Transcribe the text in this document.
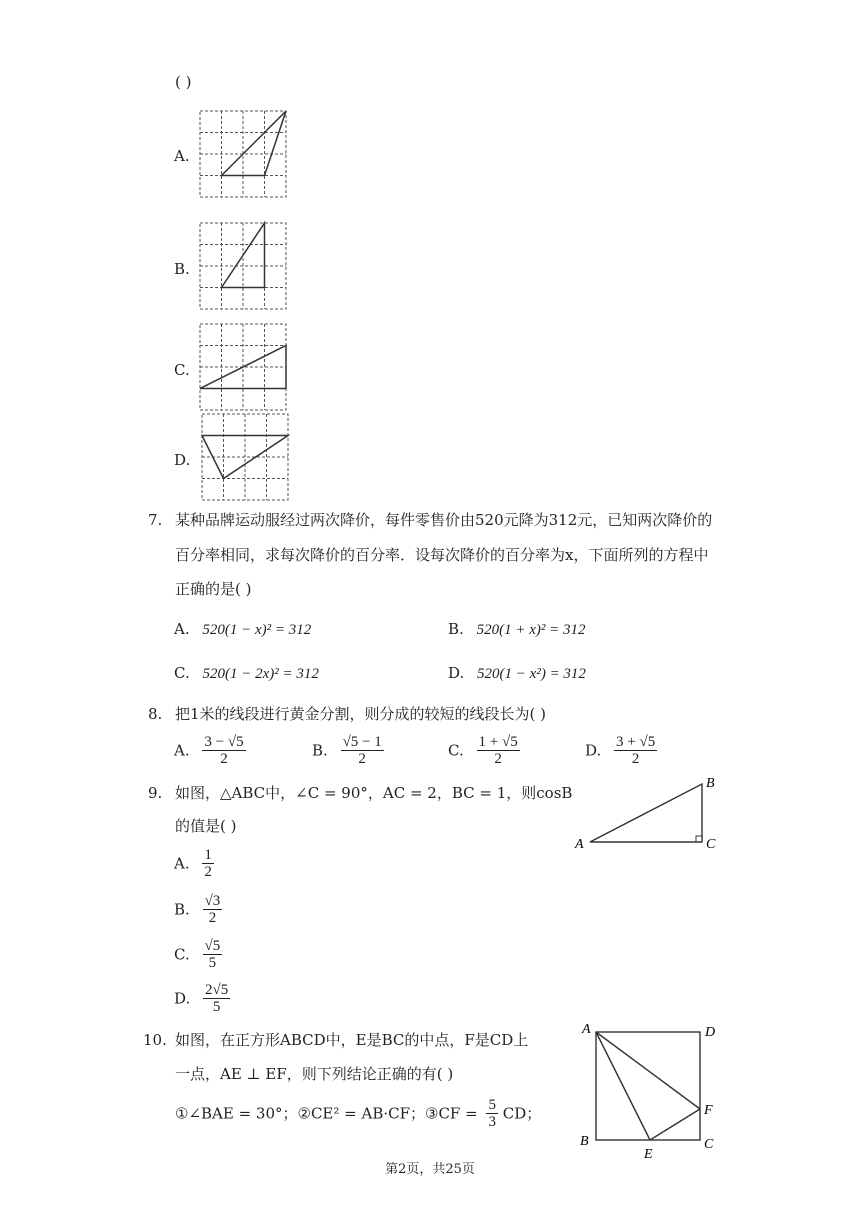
( )
A.
B.
C.
D.
7. 某种品牌运动服经过两次降价，每件零售价由520元降为312元，已知两次降价的
百分率相同，求每次降价的百分率．设每次降价的百分率为x，下面所列的方程中
正确的是( )
A. 520(1 − x)² = 312	B. 520(1 + x)² = 312
C. 520(1 − 2x)² = 312	D. 520(1 − x²) = 312
8. 把1米的线段进行黄金分割，则分成的较短的线段长为( )
A. $\frac{3 - √5}{2}$	B. $\frac{√5 - 1}{2}$	C. $\frac{1 + √5}{2}$	D. $\frac{3 + √5}{2}$
9. 如图，△ABC中，∠C = 90°，AC = 2，BC = 1，则cosB
的值是( )
A. $\frac{1}{2}$
B. $\frac{√3}{2}$
C. $\frac{√5}{5}$
D. $\frac{2√5}{5}$
A
B
C
10. 如图，在正方形ABCD中，E是BC的中点，F是CD上
一点，AE ⊥ EF，则下列结论正确的有( )
①∠BAE = 30°；②CE² = AB·CF；③CF = $\frac{5}{3}$ CD；
A	D
B	C
E
F
第2页，共25页
